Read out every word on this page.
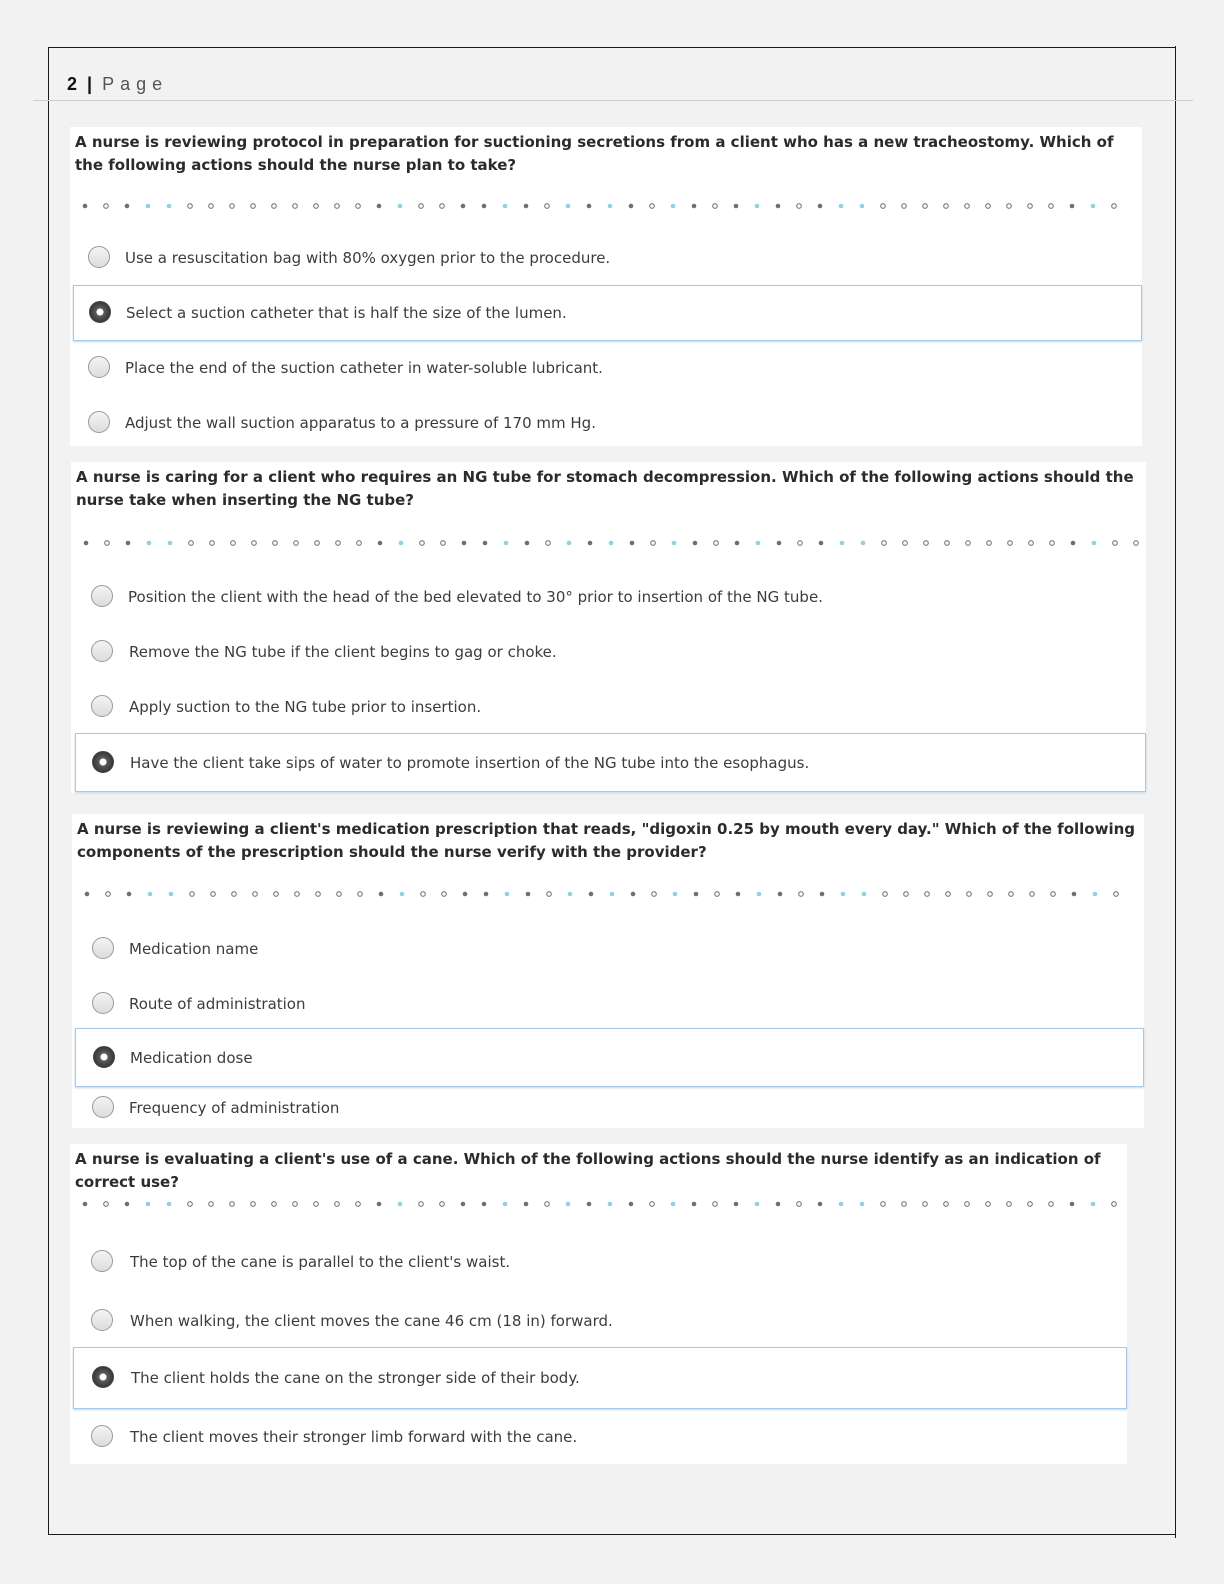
2 | Page
A nurse is reviewing protocol in preparation for suctioning secretions from a client who has a new tracheostomy. Which of the following actions should the nurse plan to take?
Use a resuscitation bag with 80% oxygen prior to the procedure.
Select a suction catheter that is half the size of the lumen.
Place the end of the suction catheter in water-soluble lubricant.
Adjust the wall suction apparatus to a pressure of 170 mm Hg.
A nurse is caring for a client who requires an NG tube for stomach decompression. Which of the following actions should the nurse take when inserting the NG tube?
Position the client with the head of the bed elevated to 30° prior to insertion of the NG tube.
Remove the NG tube if the client begins to gag or choke.
Apply suction to the NG tube prior to insertion.
Have the client take sips of water to promote insertion of the NG tube into the esophagus.
A nurse is reviewing a client's medication prescription that reads, "digoxin 0.25 by mouth every day." Which of the following components of the prescription should the nurse verify with the provider?
Medication name
Route of administration
Medication dose
Frequency of administration
A nurse is evaluating a client's use of a cane. Which of the following actions should the nurse identify as an indication of correct use?
The top of the cane is parallel to the client's waist.
When walking, the client moves the cane 46 cm (18 in) forward.
The client holds the cane on the stronger side of their body.
The client moves their stronger limb forward with the cane.
